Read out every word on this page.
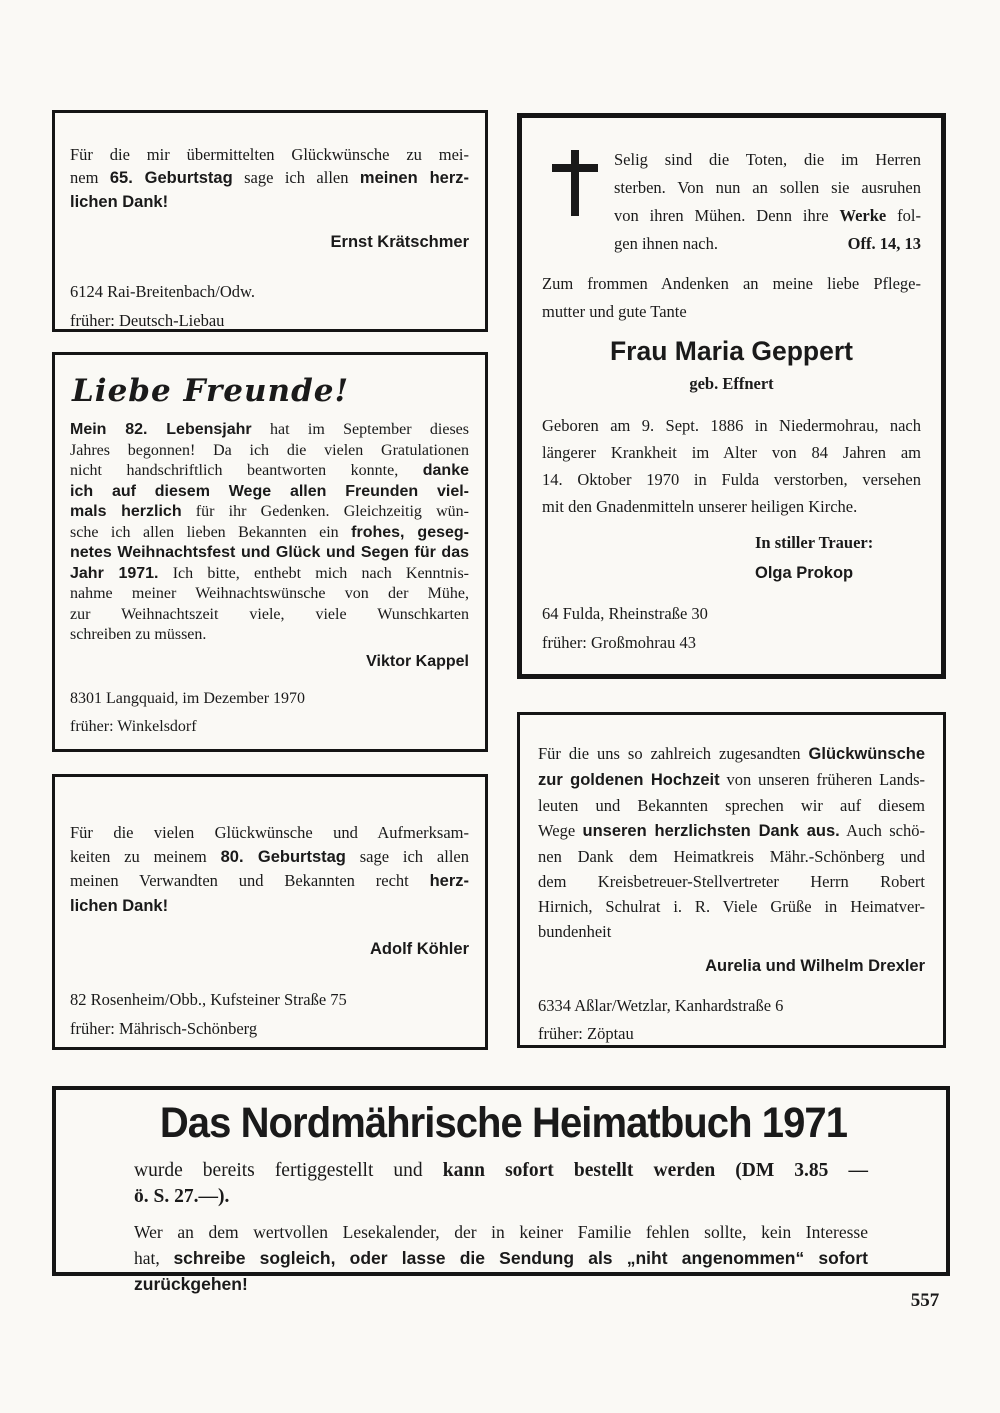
Für die mir übermittelten Glückwünsche zu mei-
nem 65. Geburtstag sage ich allen meinen herz-
lichen Dank!
Ernst Krätschmer
6124 Rai-Breitenbach/Odw.
früher: Deutsch-Liebau
Liebe Freunde!
Mein 82. Lebensjahr hat im September dieses
Jahres begonnen! Da ich die vielen Gratulationen
nicht handschriftlich beantworten konnte, danke
ich auf diesem Wege allen Freunden viel-
mals herzlich für ihr Gedenken. Gleichzeitig wün-
sche ich allen lieben Bekannten ein frohes, geseg-
netes Weihnachtsfest und Glück und Segen für das
Jahr 1971. Ich bitte, enthebt mich nach Kenntnis-
nahme meiner Weihnachtswünsche von der Mühe,
zur Weihnachtszeit viele, viele Wunschkarten
schreiben zu müssen.
Viktor Kappel
8301 Langquaid, im Dezember 1970
früher: Winkelsdorf
Für die vielen Glückwünsche und Aufmerksam-
keiten zu meinem 80. Geburtstag sage ich allen
meinen Verwandten und Bekannten recht herz-
lichen Dank!
Adolf Köhler
82 Rosenheim/Obb., Kufsteiner Straße 75
früher: Mährisch-Schönberg
Selig sind die Toten, die im Herren
sterben. Von nun an sollen sie ausruhen
von ihren Mühen. Denn ihre Werke fol-
gen ihnen nach.	Off. 14, 13
Zum frommen Andenken an meine liebe Pflege-
mutter und gute Tante
Frau Maria Geppert
geb. Effnert
Geboren am 9. Sept. 1886 in Niedermohrau, nach
längerer Krankheit im Alter von 84 Jahren am
14. Oktober 1970 in Fulda verstorben, versehen
mit den Gnadenmitteln unserer heiligen Kirche.
In stiller Trauer:
Olga Prokop
64 Fulda, Rheinstraße 30
früher: Großmohrau 43
Für die uns so zahlreich zugesandten Glückwünsche
zur goldenen Hochzeit von unseren früheren Lands-
leuten und Bekannten sprechen wir auf diesem
Wege unseren herzlichsten Dank aus. Auch schö-
nen Dank dem Heimatkreis Mähr.-Schönberg und
dem Kreisbetreuer-Stellvertreter Herrn Robert
Hirnich, Schulrat i. R. Viele Grüße in Heimatver-
bundenheit
Aurelia und Wilhelm Drexler
6334 Aßlar/Wetzlar, Kanhardstraße 6
früher: Zöptau
Das Nordmährische Heimatbuch 1971
wurde bereits fertiggestellt und kann sofort bestellt werden (DM 3.85 —
ö. S. 27.—).
Wer an dem wertvollen Lesekalender, der in keiner Familie fehlen sollte, kein Interesse
hat, schreibe sogleich, oder lasse die Sendung als „niht angenommen“ sofort zurückgehen!
557
